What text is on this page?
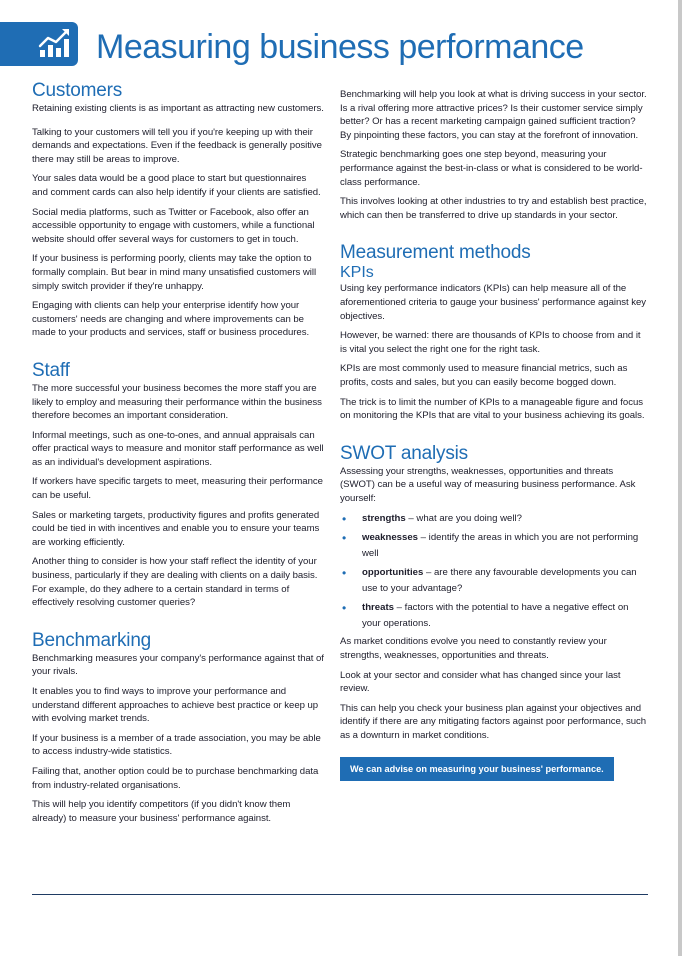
Measuring business performance
Customers

Retaining existing clients is as important as attracting new customers.

Talking to your customers will tell you if you're keeping up with their demands and expectations. Even if the feedback is generally positive there may still be areas to improve.

Your sales data would be a good place to start but questionnaires and comment cards can also help identify if your clients are satisfied.

Social media platforms, such as Twitter or Facebook, also offer an accessible opportunity to engage with customers, while a functional website should offer several ways for customers to get in touch.

If your business is performing poorly, clients may take the option to formally complain. But bear in mind many unsatisfied customers will simply switch provider if they're unhappy.

Engaging with clients can help your enterprise identify how your customers' needs are changing and where improvements can be made to your products and services, staff or business procedures.

Staff

The more successful your business becomes the more staff you are likely to employ and measuring their performance within the business therefore becomes an important consideration.

Informal meetings, such as one-to-ones, and annual appraisals can offer practical ways to measure and monitor staff performance as well as an individual's development aspirations.

If workers have specific targets to meet, measuring their performance can be useful.

Sales or marketing targets, productivity figures and profits generated could be tied in with incentives and enable you to ensure your teams are working efficiently.

Another thing to consider is how your staff reflect the identity of your business, particularly if they are dealing with clients on a daily basis. For example, do they adhere to a certain standard in terms of effectively resolving customer queries?

Benchmarking

Benchmarking measures your company's performance against that of your rivals.

It enables you to find ways to improve your performance and understand different approaches to achieve best practice or keep up with evolving market trends.

If your business is a member of a trade association, you may be able to access industry-wide statistics.

Failing that, another option could be to purchase benchmarking data from industry-related organisations.

This will help you identify competitors (if you didn't know them already) to measure your business' performance against.

Benchmarking will help you look at what is driving success in your sector. Is a rival offering more attractive prices? Is their customer service simply better? Or has a recent marketing campaign gained sufficient traction? By pinpointing these factors, you can stay at the forefront of innovation.

Strategic benchmarking goes one step beyond, measuring your performance against the best-in-class or what is considered to be world-class performance.

This involves looking at other industries to try and establish best practice, which can then be transferred to drive up standards in your sector.

Measurement methods
KPIs

Using key performance indicators (KPIs) can help measure all of the aforementioned criteria to gauge your business' performance against key objectives.

However, be warned: there are thousands of KPIs to choose from and it is vital you select the right one for the right task.

KPIs are most commonly used to measure financial metrics, such as profits, costs and sales, but you can easily become bogged down.

The trick is to limit the number of KPIs to a manageable figure and focus on monitoring the KPIs that are vital to your business achieving its goals.

SWOT analysis

Assessing your strengths, weaknesses, opportunities and threats (SWOT) can be a useful way of measuring business performance. Ask yourself:

• strengths – what are you doing well?
• weaknesses – identify the areas in which you are not performing well
• opportunities – are there any favourable developments you can use to your advantage?
• threats – factors with the potential to have a negative effect on your operations.

As market conditions evolve you need to constantly review your strengths, weaknesses, opportunities and threats.

Look at your sector and consider what has changed since your last review.

This can help you check your business plan against your objectives and identify if there are any mitigating factors against poor performance, such as a downturn in market conditions.

We can advise on measuring your business' performance.
